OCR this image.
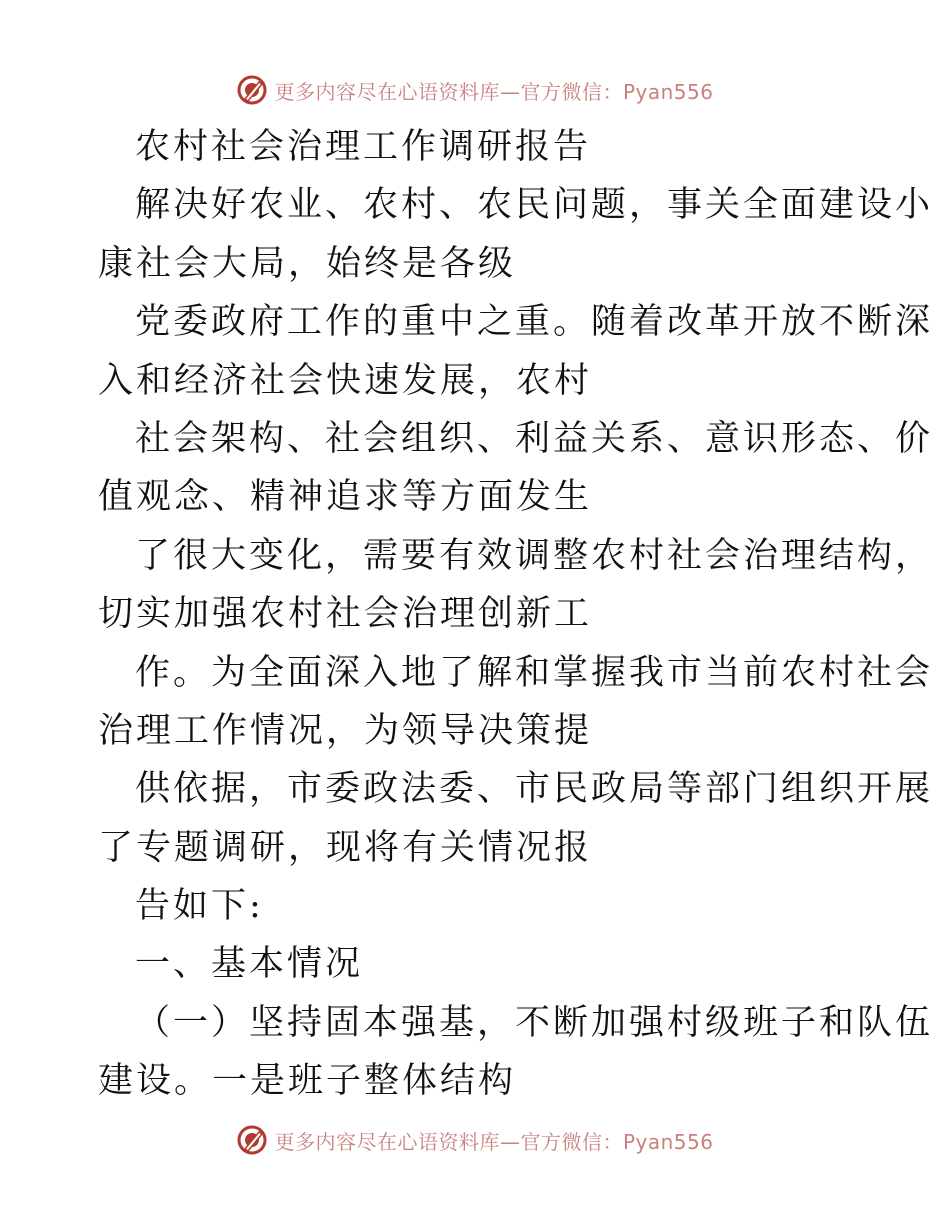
更多内容尽在心语资料库—官方微信：Pyan556
农村社会治理工作调研报告
解决好农业、农村、农民问题，事关全面建设小
康社会大局，始终是各级
党委政府工作的重中之重。随着改革开放不断深
入和经济社会快速发展，农村
社会架构、社会组织、利益关系、意识形态、价
值观念、精神追求等方面发生
了很大变化，需要有效调整农村社会治理结构，
切实加强农村社会治理创新工
作。为全面深入地了解和掌握我市当前农村社会
治理工作情况，为领导决策提
供依据，市委政法委、市民政局等部门组织开展
了专题调研，现将有关情况报
告如下:
一、基本情况
（一）坚持固本强基，不断加强村级班子和队伍
建设。一是班子整体结构
更多内容尽在心语资料库—官方微信：Pyan556
